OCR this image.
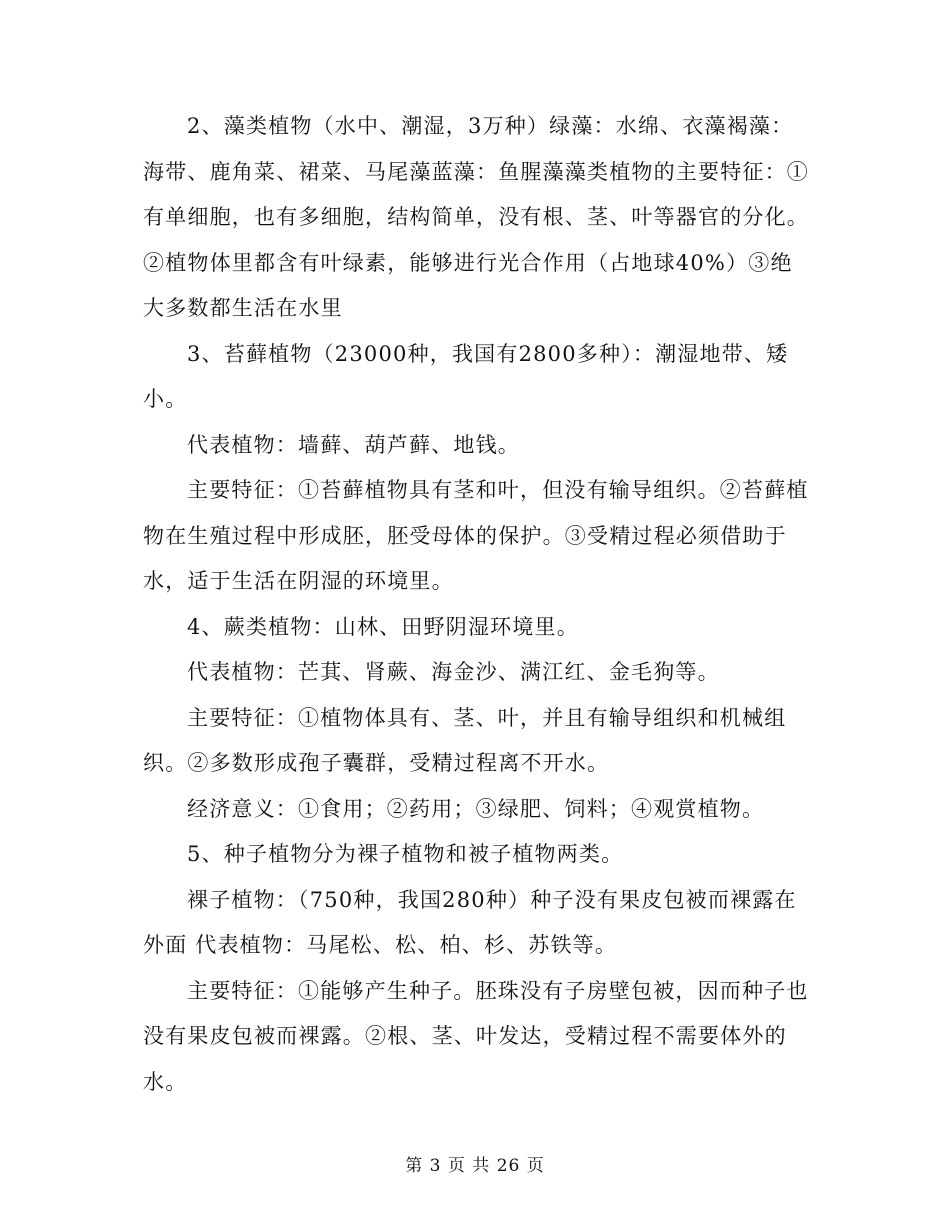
2、藻类植物（水中、潮湿，3万种）绿藻：水绵、衣藻褐藻：海带、鹿角菜、裙菜、马尾藻蓝藻：鱼腥藻藻类植物的主要特征：①有单细胞，也有多细胞，结构简单，没有根、茎、叶等器官的分化。②植物体里都含有叶绿素，能够进行光合作用（占地球40%）③绝大多数都生活在水里

3、苔藓植物（23000种，我国有2800多种）：潮湿地带、矮小。

代表植物：墙藓、葫芦藓、地钱。

主要特征：①苔藓植物具有茎和叶，但没有输导组织。②苔藓植物在生殖过程中形成胚，胚受母体的保护。③受精过程必须借助于水，适于生活在阴湿的环境里。

4、蕨类植物：山林、田野阴湿环境里。

代表植物：芒萁、肾蕨、海金沙、满江红、金毛狗等。

主要特征：①植物体具有、茎、叶，并且有输导组织和机械组织。②多数形成孢子囊群，受精过程离不开水。

经济意义：①食用；②药用；③绿肥、饲料；④观赏植物。

5、种子植物分为裸子植物和被子植物两类。

裸子植物：（750种，我国280种）种子没有果皮包被而裸露在外面 代表植物：马尾松、松、柏、杉、苏铁等。

主要特征：①能够产生种子。胚珠没有子房壁包被，因而种子也没有果皮包被而裸露。②根、茎、叶发达，受精过程不需要体外的水。

第 3 页 共 26 页
